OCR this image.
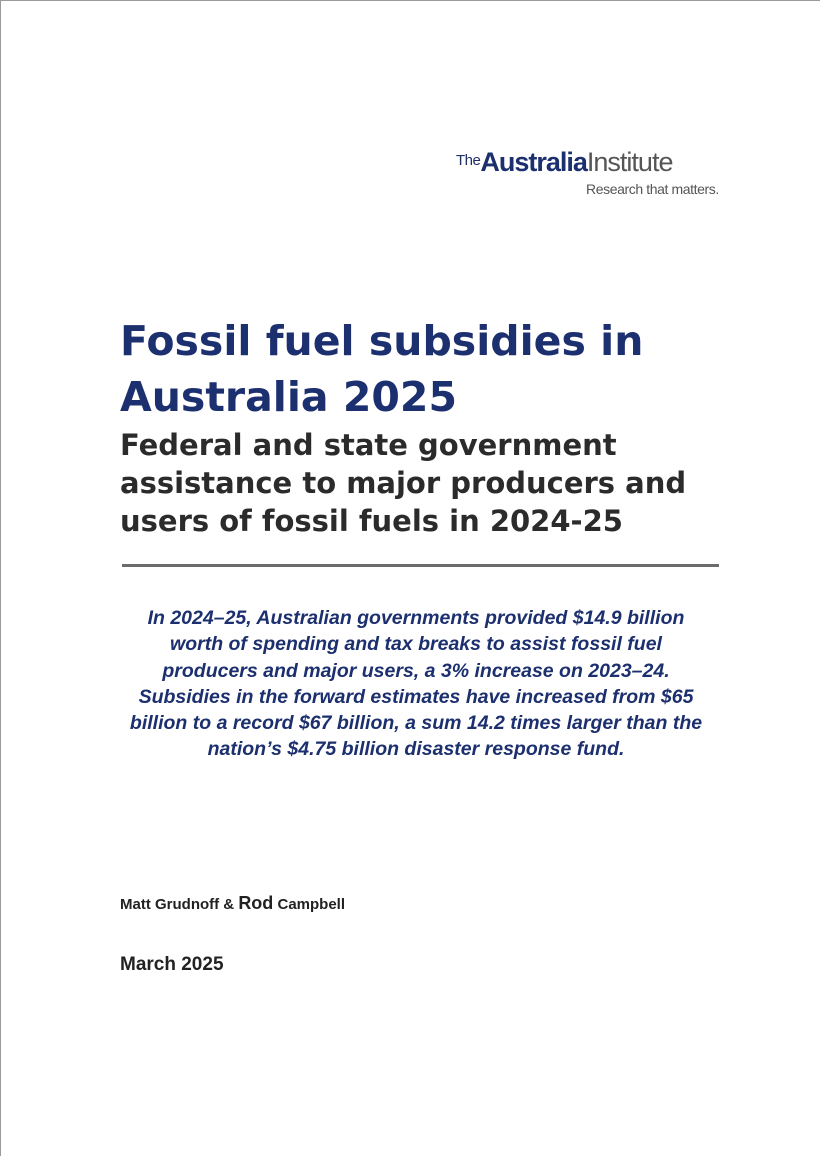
TheAustraliaInstitute
Research that matters.
Fossil fuel subsidies in Australia 2025
Federal and state government assistance to major producers and users of fossil fuels in 2024-25

In 2024–25, Australian governments provided $14.9 billion worth of spending and tax breaks to assist fossil fuel producers and major users, a 3% increase on 2023–24. Subsidies in the forward estimates have increased from $65 billion to a record $67 billion, a sum 14.2 times larger than the nation’s $4.75 billion disaster response fund.

Matt Grudnoff & Rod Campbell
March 2025
